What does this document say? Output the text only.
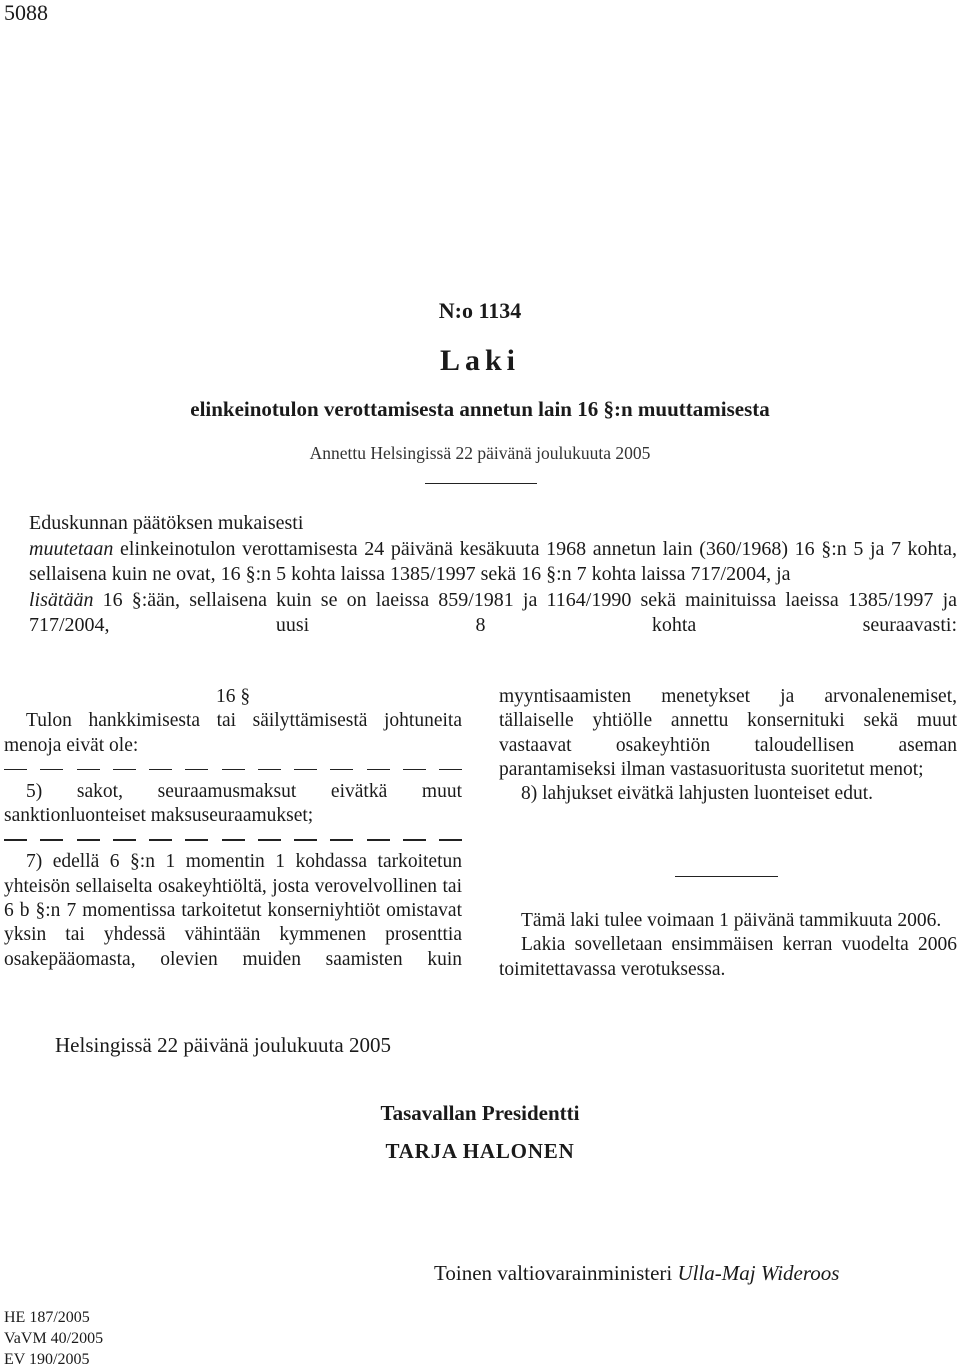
5088
N:o 1134
Laki
elinkeinotulon verottamisesta annetun lain 16 §:n muuttamisesta
Annettu Helsingissä 22 päivänä joulukuuta 2005

Eduskunnan päätöksen mukaisesti

muutetaan elinkeinotulon verottamisesta 24 päivänä kesäkuuta 1968 annetun lain (360/1968) 16 §:n 5 ja 7 kohta, sellaisena kuin ne ovat, 16 §:n 5 kohta laissa 1385/1997 sekä 16 §:n 7 kohta laissa 717/2004, ja

lisätään 16 §:ään, sellaisena kuin se on laeissa 859/1981 ja 1164/1990 sekä mainituissa laeissa 1385/1997 ja 717/2004, uusi 8 kohta seuraavasti:

16 §

Tulon hankkimisesta tai säilyttämisestä johtuneita menoja eivät ole:

5) sakot, seuraamusmaksut eivätkä muut sanktionluonteiset maksuseuraamukset;

7) edellä 6 §:n 1 momentin 1 kohdassa tarkoitetun yhteisön sellaiselta osakeyhtiöltä, josta verovelvollinen tai 6 b §:n 7 momentissa tarkoitetut konserniyhtiöt omistavat yksin tai yhdessä vähintään kymmenen prosenttia osakepääomasta, olevien muiden saamisten kuin

myyntisaamisten menetykset ja arvonalenemiset, tällaiselle yhtiölle annettu konsernituki sekä muut vastaavat osakeyhtiön taloudellisen aseman parantamiseksi ilman vastasuoritusta suoritetut menot;

8) lahjukset eivätkä lahjusten luonteiset edut.

Tämä laki tulee voimaan 1 päivänä tammikuuta 2006.

Lakia sovelletaan ensimmäisen kerran vuodelta 2006 toimitettavassa verotuksessa.

Helsingissä 22 päivänä joulukuuta 2005
Tasavallan Presidentti
TARJA HALONEN
Toinen valtiovarainministeri Ulla-Maj Wideroos
HE 187/2005
VaVM 40/2005
EV 190/2005
